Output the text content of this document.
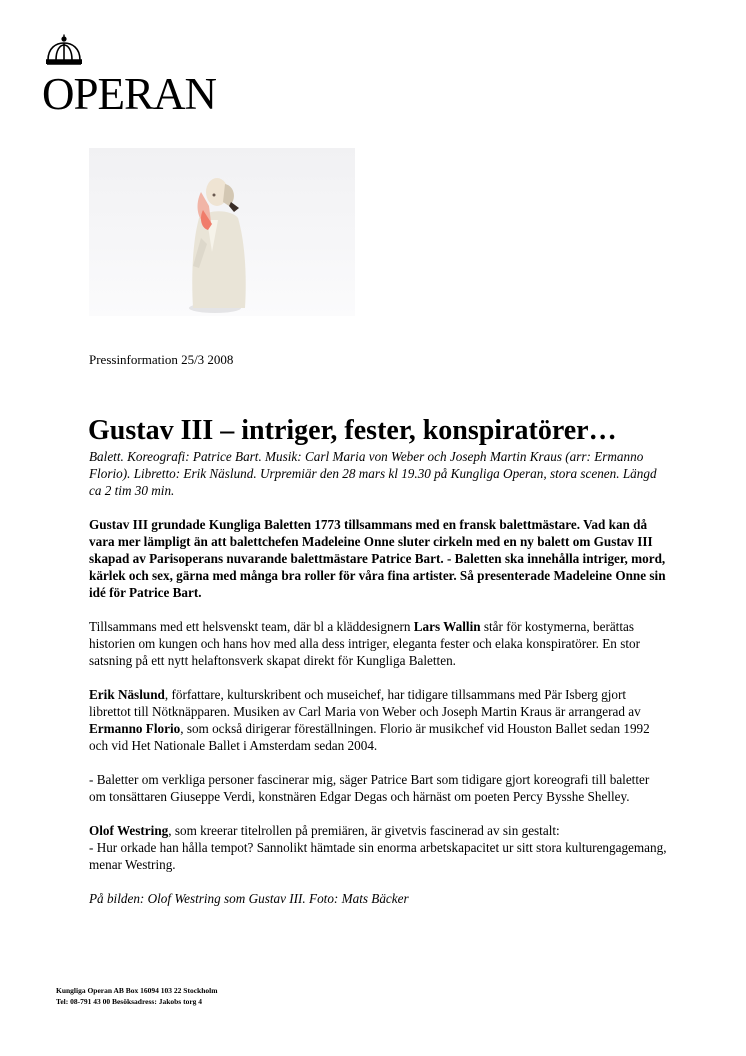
OPERAN
Pressinformation 25/3 2008
Gustav III – intriger, fester, konspiratörer…

Balett. Koreografi: Patrice Bart. Musik: Carl Maria von Weber och Joseph Martin Kraus (arr: Ermanno Florio). Libretto: Erik Näslund. Urpremiär den 28 mars kl 19.30 på Kungliga Operan, stora scenen. Längd ca 2 tim 30 min.

Gustav III grundade Kungliga Baletten 1773 tillsammans med en fransk balettmästare. Vad kan då vara mer lämpligt än att balettchefen Madeleine Onne sluter cirkeln med en ny balett om Gustav III skapad av Parisoperans nuvarande balettmästare Patrice Bart. - Baletten ska innehålla intriger, mord, kärlek och sex, gärna med många bra roller för våra fina artister. Så presenterade Madeleine Onne sin idé för Patrice Bart.

Tillsammans med ett helsvenskt team, där bl a kläddesignern Lars Wallin står för kostymerna, berättas historien om kungen och hans hov med alla dess intriger, eleganta fester och elaka konspiratörer. En stor satsning på ett nytt helaftonsverk skapat direkt för Kungliga Baletten.

Erik Näslund, författare, kulturskribent och museichef, har tidigare tillsammans med Pär Isberg gjort librettot till Nötknäpparen. Musiken av Carl Maria von Weber och Joseph Martin Kraus är arrangerad av Ermanno Florio, som också dirigerar föreställningen. Florio är musikchef vid Houston Ballet sedan 1992 och vid Het Nationale Ballet i Amsterdam sedan 2004.

- Baletter om verkliga personer fascinerar mig, säger Patrice Bart som tidigare gjort koreografi till baletter om tonsättaren Giuseppe Verdi, konstnären Edgar Degas och härnäst om poeten Percy Bysshe Shelley.

Olof Westring, som kreerar titelrollen på premiären, är givetvis fascinerad av sin gestalt:

- Hur orkade han hålla tempot? Sannolikt hämtade sin enorma arbetskapacitet ur sitt stora kulturengagemang, menar Westring.

På bilden: Olof Westring som Gustav III. Foto: Mats Bäcker

Kungliga Operan AB Box 16094 103 22 Stockholm
Tel: 08-791 43 00 Besöksadress: Jakobs torg 4
